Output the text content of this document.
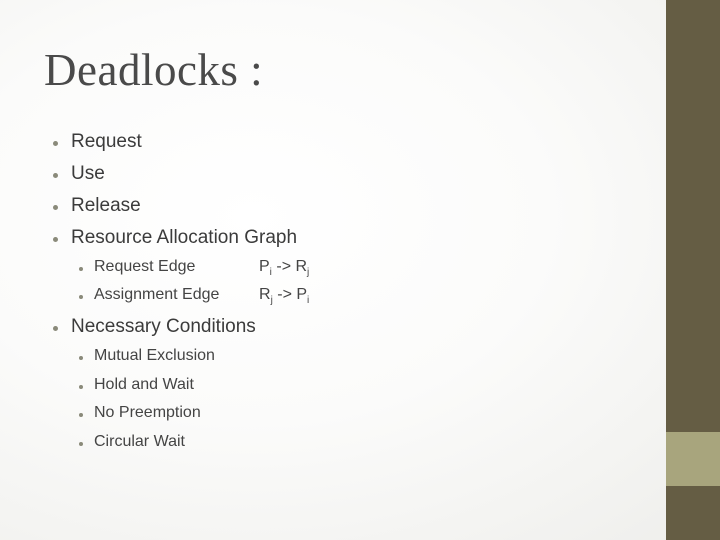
Deadlocks :
Request
Use
Release
Resource Allocation Graph
Request Edge	$P_i -> R_j$
Assignment Edge $R_j -> P_i$
Necessary Conditions
Mutual Exclusion
Hold and Wait
No Preemption
Circular Wait
